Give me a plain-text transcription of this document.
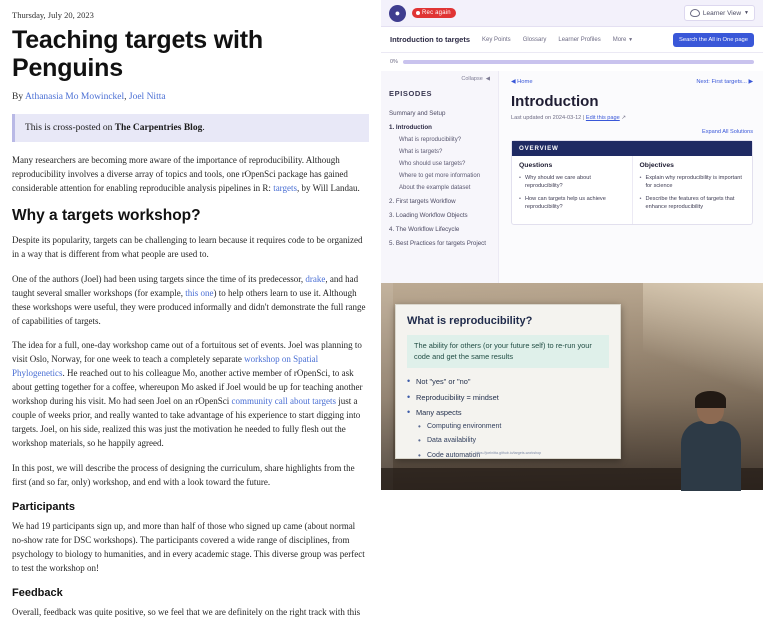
Thursday, July 20, 2023
Teaching targets with Penguins
By Athanasia Mo Mowinckel, Joel Nitta
This is cross-posted on The Carpentries Blog.

Many researchers are becoming more aware of the importance of reproducibility. Although reproducibility involves a diverse array of topics and tools, one rOpenSci package has gained considerable attention for enabling reproducible analysis pipelines in R: targets, by Will Landau.

Why a targets workshop?

Despite its popularity, targets can be challenging to learn because it requires code to be organized in a way that is different from what people are used to.

One of the authors (Joel) had been using targets since the time of its predecessor, drake, and had taught several smaller workshops (for example, this one) to help others learn to use it. Although these workshops were useful, they were produced informally and didn't demonstrate the full range of capabilities of targets.

The idea for a full, one-day workshop came out of a fortuitous set of events. Joel was planning to visit Oslo, Norway, for one week to teach a completely separate workshop on Spatial Phylogenetics. He reached out to his colleague Mo, another active member of rOpenSci, to ask about getting together for a coffee, whereupon Mo asked if Joel would be up for teaching another workshop during his visit. Mo had seen Joel on an rOpenSci community call about targets just a couple of weeks prior, and really wanted to take advantage of his experience to start digging into targets. Joel, on his side, realized this was just the motivation he needed to fully flesh out the workshop materials, so he happily agreed.

In this post, we will describe the process of designing the curriculum, share highlights from the first (and so far, only) workshop, and end with a look toward the future.

Participants

We had 19 participants sign up, and more than half of those who signed up came (about normal no-show rate for DSC workshops). The participants covered a wide range of disciplines, from psychology to biology to humanities, and in every academic stage. This diverse group was perfect to test the workshop on!

Feedback

Overall, feedback was quite positive, so we feel that we are definitely on the right track with this

●	Rec again	Learner View ▼
Introduction to targets Key Points Glossary Learner Profiles More ▼	Search the All in One page
0%
Collapse ◀
EPISODES
Summary and Setup
1. Introduction
What is reproducibility?
What is targets?
Who should use targets?
Where to get more information
About the example dataset
2. First targets Workflow
3. Loading Workflow Objects
4. The Workflow Lifecycle
5. Best Practices for targets Project
◀ Home	Next: First targets... ▶
Introduction
Last updated on 2024-03-12 | Edit this page ↗
Expand All Solutions
OVERVIEW
Questions
• Why should we care about reproducibility?
• How can targets help us achieve reproducibility?
Objectives
• Explain why reproducibility is important for science
• Describe the features of targets that enhance reproducibility
What is reproducibility?
The ability for others (or your future self) to re-run your code and get the same results
• Not "yes" or "no"
• Reproducibility = mindset
• Many aspects
• Computing environment
• Data availability
• Code automation
https://joelnitta.github.io/targets-workshop
